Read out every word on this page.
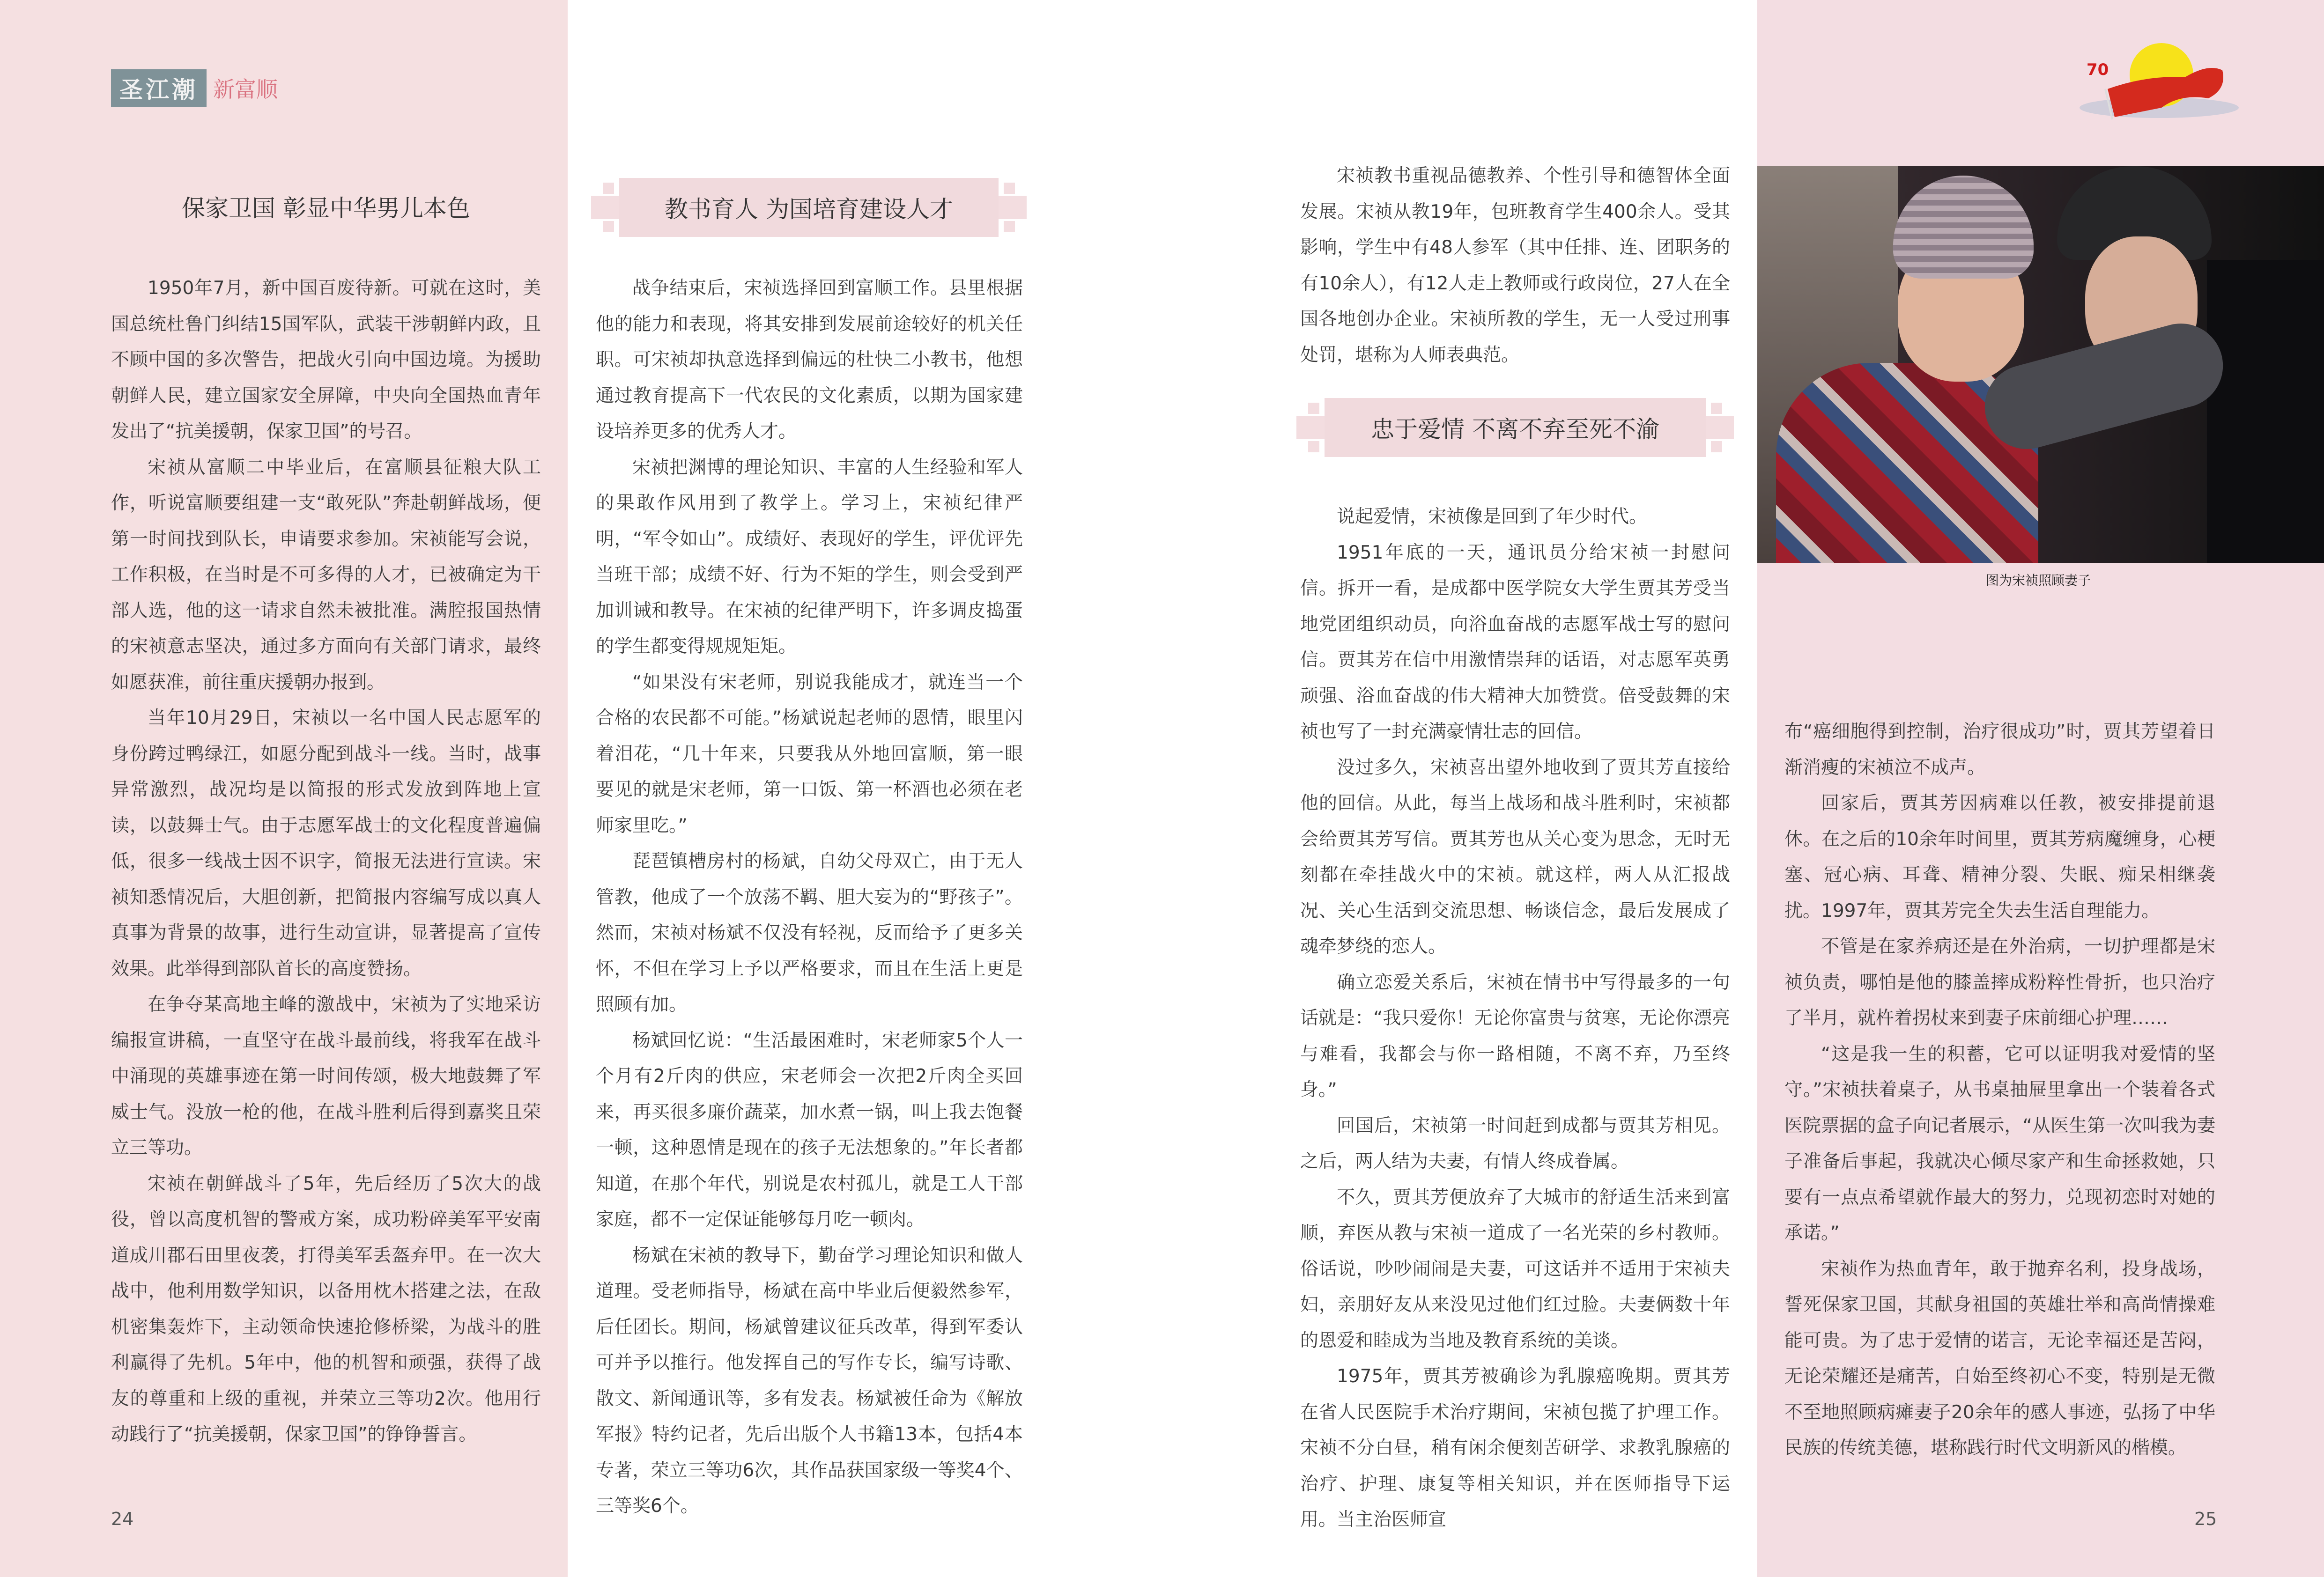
圣江潮 新富顺
保家卫国 彰显中华男儿本色

1950年7月，新中国百废待新。可就在这时，美国总统杜鲁门纠结15国军队，武装干涉朝鲜内政，且不顾中国的多次警告，把战火引向中国边境。为援助朝鲜人民，建立国家安全屏障，中央向全国热血青年发出了“抗美援朝，保家卫国”的号召。

宋祯从富顺二中毕业后，在富顺县征粮大队工作，听说富顺要组建一支“敢死队”奔赴朝鲜战场，便第一时间找到队长，申请要求参加。宋祯能写会说，工作积极，在当时是不可多得的人才，已被确定为干部人选，他的这一请求自然未被批准。满腔报国热情的宋祯意志坚决，通过多方面向有关部门请求，最终如愿获准，前往重庆援朝办报到。

当年10月29日，宋祯以一名中国人民志愿军的身份跨过鸭绿江，如愿分配到战斗一线。当时，战事异常激烈，战况均是以简报的形式发放到阵地上宣读，以鼓舞士气。由于志愿军战士的文化程度普遍偏低，很多一线战士因不识字，简报无法进行宣读。宋祯知悉情况后，大胆创新，把简报内容编写成以真人真事为背景的故事，进行生动宣讲，显著提高了宣传效果。此举得到部队首长的高度赞扬。

在争夺某高地主峰的激战中，宋祯为了实地采访编报宣讲稿，一直坚守在战斗最前线，将我军在战斗中涌现的英雄事迹在第一时间传颂，极大地鼓舞了军威士气。没放一枪的他，在战斗胜利后得到嘉奖且荣立三等功。

宋祯在朝鲜战斗了5年，先后经历了5次大的战役，曾以高度机智的警戒方案，成功粉碎美军平安南道成川郡石田里夜袭，打得美军丢盔弃甲。在一次大战中，他利用数学知识，以备用枕木搭建之法，在敌机密集轰炸下，主动领命快速抢修桥梁，为战斗的胜利赢得了先机。5年中，他的机智和顽强，获得了战友的尊重和上级的重视，并荣立三等功2次。他用行动践行了“抗美援朝，保家卫国”的铮铮誓言。

教书育人 为国培育建设人才

战争结束后，宋祯选择回到富顺工作。县里根据他的能力和表现，将其安排到发展前途较好的机关任职。可宋祯却执意选择到偏远的杜快二小教书，他想通过教育提高下一代农民的文化素质，以期为国家建设培养更多的优秀人才。

宋祯把渊博的理论知识、丰富的人生经验和军人的果敢作风用到了教学上。学习上，宋祯纪律严明，“军令如山”。成绩好、表现好的学生，评优评先当班干部；成绩不好、行为不矩的学生，则会受到严加训诫和教导。在宋祯的纪律严明下，许多调皮捣蛋的学生都变得规规矩矩。

“如果没有宋老师，别说我能成才，就连当一个合格的农民都不可能。”杨斌说起老师的恩情，眼里闪着泪花，“几十年来，只要我从外地回富顺，第一眼要见的就是宋老师，第一口饭、第一杯酒也必须在老师家里吃。”

琵琶镇槽房村的杨斌，自幼父母双亡，由于无人管教，他成了一个放荡不羁、胆大妄为的“野孩子”。然而，宋祯对杨斌不仅没有轻视，反而给予了更多关怀，不但在学习上予以严格要求，而且在生活上更是照顾有加。

杨斌回忆说：“生活最困难时，宋老师家5个人一个月有2斤肉的供应，宋老师会一次把2斤肉全买回来，再买很多廉价蔬菜，加水煮一锅，叫上我去饱餐一顿，这种恩情是现在的孩子无法想象的。”年长者都知道，在那个年代，别说是农村孤儿，就是工人干部家庭，都不一定保证能够每月吃一顿肉。

杨斌在宋祯的教导下，勤奋学习理论知识和做人道理。受老师指导，杨斌在高中毕业后便毅然参军，后任团长。期间，杨斌曾建议征兵改革，得到军委认可并予以推行。他发挥自己的写作专长，编写诗歌、散文、新闻通讯等，多有发表。杨斌被任命为《解放军报》特约记者，先后出版个人书籍13本，包括4本专著，荣立三等功6次，其作品获国家级一等奖4个、三等奖6个。

宋祯教书重视品德教养、个性引导和德智体全面发展。宋祯从教19年，包班教育学生400余人。受其影响，学生中有48人参军（其中任排、连、团职务的有10余人），有12人走上教师或行政岗位，27人在全国各地创办企业。宋祯所教的学生，无一人受过刑事处罚，堪称为人师表典范。

忠于爱情 不离不弃至死不渝

说起爱情，宋祯像是回到了年少时代。

1951年底的一天，通讯员分给宋祯一封慰问信。拆开一看，是成都中医学院女大学生贾其芳受当地党团组织动员，向浴血奋战的志愿军战士写的慰问信。贾其芳在信中用激情崇拜的话语，对志愿军英勇顽强、浴血奋战的伟大精神大加赞赏。倍受鼓舞的宋祯也写了一封充满豪情壮志的回信。

没过多久，宋祯喜出望外地收到了贾其芳直接给他的回信。从此，每当上战场和战斗胜利时，宋祯都会给贾其芳写信。贾其芳也从关心变为思念，无时无刻都在牵挂战火中的宋祯。就这样，两人从汇报战况、关心生活到交流思想、畅谈信念，最后发展成了魂牵梦绕的恋人。

确立恋爱关系后，宋祯在情书中写得最多的一句话就是：“我只爱你！无论你富贵与贫寒，无论你漂亮与难看，我都会与你一路相随，不离不弃，乃至终身。”

回国后，宋祯第一时间赶到成都与贾其芳相见。之后，两人结为夫妻，有情人终成眷属。

不久，贾其芳便放弃了大城市的舒适生活来到富顺，弃医从教与宋祯一道成了一名光荣的乡村教师。俗话说，吵吵闹闹是夫妻，可这话并不适用于宋祯夫妇，亲朋好友从来没见过他们红过脸。夫妻俩数十年的恩爱和睦成为当地及教育系统的美谈。

1975年，贾其芳被确诊为乳腺癌晚期。贾其芳在省人民医院手术治疗期间，宋祯包揽了护理工作。宋祯不分白昼，稍有闲余便刻苦研学、求教乳腺癌的治疗、护理、康复等相关知识，并在医师指导下运用。当主治医师宣

图为宋祯照顾妻子

布“癌细胞得到控制，治疗很成功”时，贾其芳望着日渐消瘦的宋祯泣不成声。

回家后，贾其芳因病难以任教，被安排提前退休。在之后的10余年时间里，贾其芳病魔缠身，心梗塞、冠心病、耳聋、精神分裂、失眠、痴呆相继袭扰。1997年，贾其芳完全失去生活自理能力。

不管是在家养病还是在外治病，一切护理都是宋祯负责，哪怕是他的膝盖摔成粉粹性骨折，也只治疗了半月，就杵着拐杖来到妻子床前细心护理……

“这是我一生的积蓄，它可以证明我对爱情的坚守。”宋祯扶着桌子，从书桌抽屉里拿出一个装着各式医院票据的盒子向记者展示，“从医生第一次叫我为妻子准备后事起，我就决心倾尽家产和生命拯救她，只要有一点点希望就作最大的努力，兑现初恋时对她的承诺。”

宋祯作为热血青年，敢于抛弃名利，投身战场，誓死保家卫国，其献身祖国的英雄壮举和高尚情操难能可贵。为了忠于爱情的诺言，无论幸福还是苦闷，无论荣耀还是痛苦，自始至终初心不变，特别是无微不至地照顾病瘫妻子20余年的感人事迹，弘扬了中华民族的传统美德，堪称践行时代文明新风的楷模。

70
24	25
